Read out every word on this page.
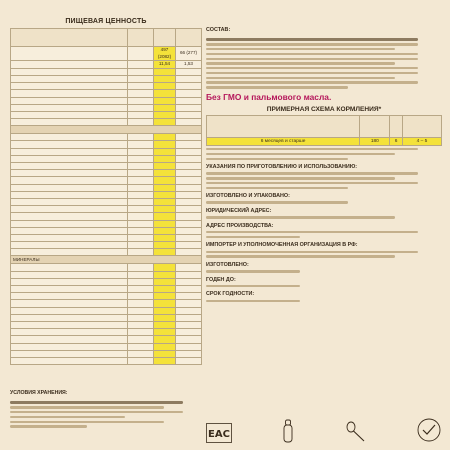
ПИЩЕВАЯ ЦЕННОСТЬ

		497 (2082)	66 (277)
		11,54	1,53

МИНЕРАЛЫ			

УСЛОВИЯ ХРАНЕНИЯ:
СОСТАВ:
Без ГМО и пальмового масла.
ПРИМЕРНАЯ СХЕМА КОРМЛЕНИЯ*

6 месяцев и старше	180	6	4 – 5
УКАЗАНИЯ ПО ПРИГОТОВЛЕНИЮ И ИСПОЛЬЗОВАНИЮ:
ИЗГОТОВЛЕНО И УПАКОВАНО:
ЮРИДИЧЕСКИЙ АДРЕС:
АДРЕС ПРОИЗВОДСТВА:
ИМПОРТЕР И УПОЛНОМОЧЕННАЯ ОРГАНИЗАЦИЯ В РФ:
ИЗГОТОВЛЕНО:
ГОДЕН ДО:
СРОК ГОДНОСТИ:
EAC
